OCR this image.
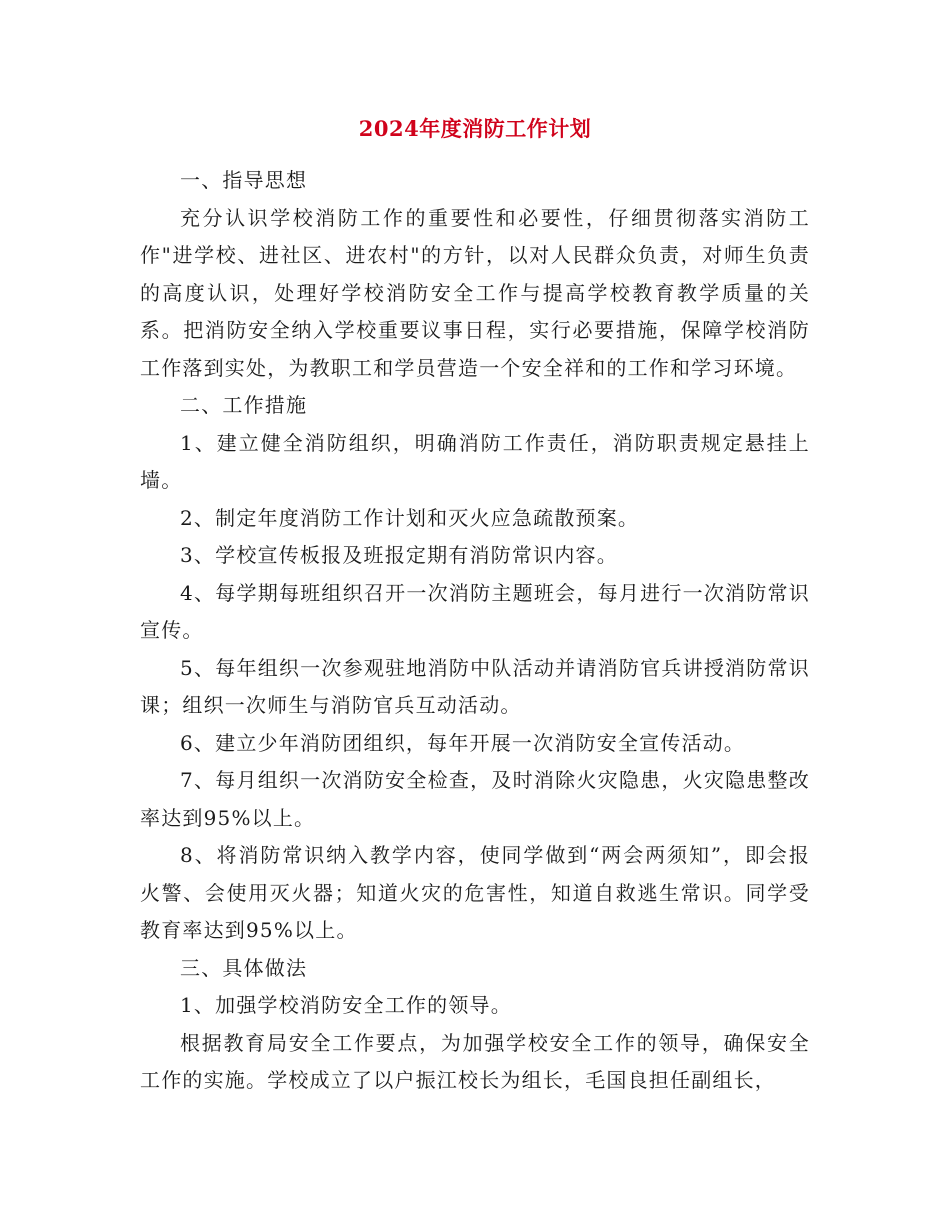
2024年度消防工作计划

一、指导思想

充分认识学校消防工作的重要性和必要性，仔细贯彻落实消防工作"进学校、进社区、进农村"的方针，以对人民群众负责，对师生负责的高度认识，处理好学校消防安全工作与提高学校教育教学质量的关系。把消防安全纳入学校重要议事日程，实行必要措施，保障学校消防工作落到实处，为教职工和学员营造一个安全祥和的工作和学习环境。

二、工作措施

1、建立健全消防组织，明确消防工作责任，消防职责规定悬挂上墙。

2、制定年度消防工作计划和灭火应急疏散预案。

3、学校宣传板报及班报定期有消防常识内容。

4、每学期每班组织召开一次消防主题班会，每月进行一次消防常识宣传。

5、每年组织一次参观驻地消防中队活动并请消防官兵讲授消防常识课；组织一次师生与消防官兵互动活动。

6、建立少年消防团组织，每年开展一次消防安全宣传活动。

7、每月组织一次消防安全检查，及时消除火灾隐患，火灾隐患整改率达到95%以上。

8、将消防常识纳入教学内容，使同学做到“两会两须知”，即会报火警、会使用灭火器；知道火灾的危害性，知道自救逃生常识。同学受教育率达到95%以上。

三、具体做法

1、加强学校消防安全工作的领导。

根据教育局安全工作要点，为加强学校安全工作的领导，确保安全工作的实施。学校成立了以户振江校长为组长，毛国良担任副组长，
